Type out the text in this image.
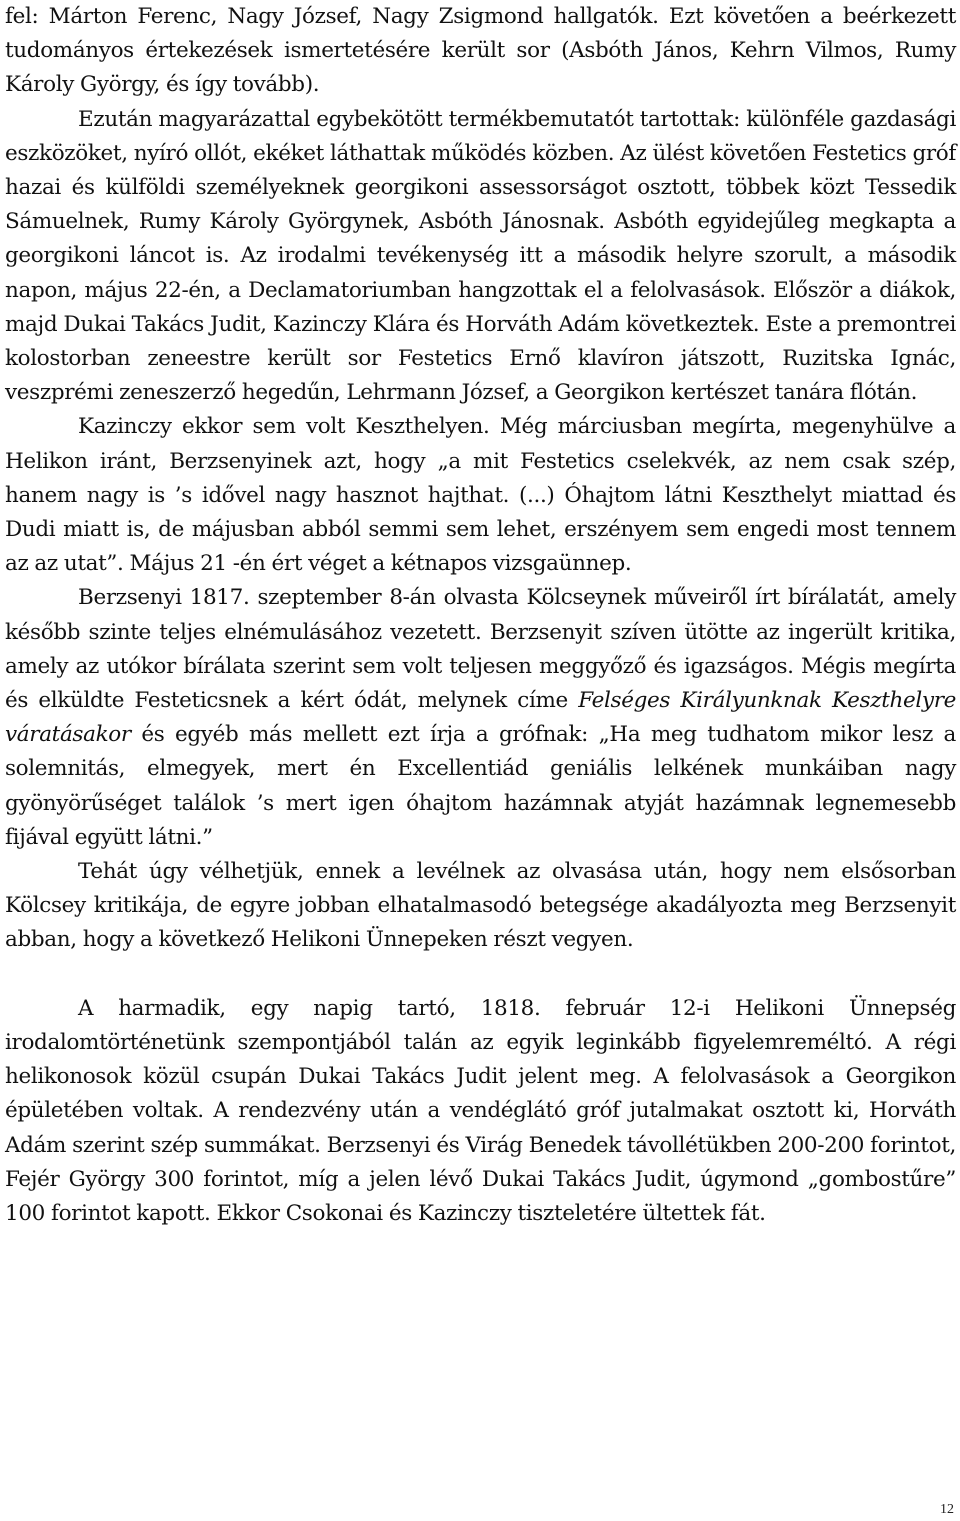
fel: Márton Ferenc, Nagy József, Nagy Zsigmond hallgatók. Ezt követően a beérkezett tudományos értekezések ismertetésére került sor (Asbóth János, Kehrn Vilmos, Rumy Károly György, és így tovább).

Ezután magyarázattal egybekötött termékbemutatót tartottak: különféle gazdasági eszközöket, nyíró ollót, ekéket láthattak működés közben. Az ülést követően Festetics gróf hazai és külföldi személyeknek georgikoni assessorságot osztott, többek közt Tessedik Sámuelnek, Rumy Károly Györgynek, Asbóth Jánosnak. Asbóth egyidejűleg megkapta a georgikoni láncot is. Az irodalmi tevékenység itt a második helyre szorult, a második napon, május 22-én, a Declamatoriumban hangzottak el a felolvasások. Először a diákok, majd Dukai Takács Judit, Kazinczy Klára és Horváth Adám következtek. Este a premontrei kolostorban zeneestre került sor Festetics Ernő klavíron játszott, Ruzitska Ignác, veszprémi zeneszerző hegedűn, Lehrmann József, a Georgikon kertészet tanára flótán.

Kazinczy ekkor sem volt Keszthelyen. Még márciusban megírta, megenyhülve a Helikon iránt, Berzsenyinek azt, hogy „a mit Festetics cselekvék, az nem csak szép, hanem nagy is ’s idővel nagy hasznot hajthat. (...) Óhajtom látni Keszthelyt miattad és Dudi miatt is, de májusban abból semmi sem lehet, erszényem sem engedi most tennem az az utat”. Május 21 -én ért véget a kétnapos vizsgaünnep.

Berzsenyi 1817. szeptember 8-án olvasta Kölcseynek műveiről írt bírálatát, amely később szinte teljes elnémulásához vezetett. Berzsenyit szíven ütötte az ingerült kritika, amely az utókor bírálata szerint sem volt teljesen meggyőző és igazságos. Mégis megírta és elküldte Festeticsnek a kért ódát, melynek címe Felséges Királyunknak Keszthelyre váratásakor és egyéb más mellett ezt írja a grófnak: „Ha meg tudhatom mikor lesz a solemnitás, elmegyek, mert én Excellentiád geniális lelkének munkáiban nagy gyönyörűséget találok ’s mert igen óhajtom hazámnak atyját hazámnak legnemesebb fijával együtt látni.”

Tehát úgy vélhetjük, ennek a levélnek az olvasása után, hogy nem elsősorban Kölcsey kritikája, de egyre jobban elhatalmasodó betegsége akadályozta meg Berzsenyit abban, hogy a következő Helikoni Ünnepeken részt vegyen.

A harmadik, egy napig tartó, 1818. február 12-i Helikoni Ünnepség irodalomtörténetünk szempontjából talán az egyik leginkább figyelemreméltó. A régi helikonosok közül csupán Dukai Takács Judit jelent meg. A felolvasások a Georgikon épületében voltak. A rendezvény után a vendéglátó gróf jutalmakat osztott ki, Horváth Adám szerint szép summákat. Berzsenyi és Virág Benedek távollétükben 200-200 forintot, Fejér György 300 forintot, míg a jelen lévő Dukai Takács Judit, úgymond „gombostűre” 100 forintot kapott. Ekkor Csokonai és Kazinczy tiszteletére ültettek fát.

12
